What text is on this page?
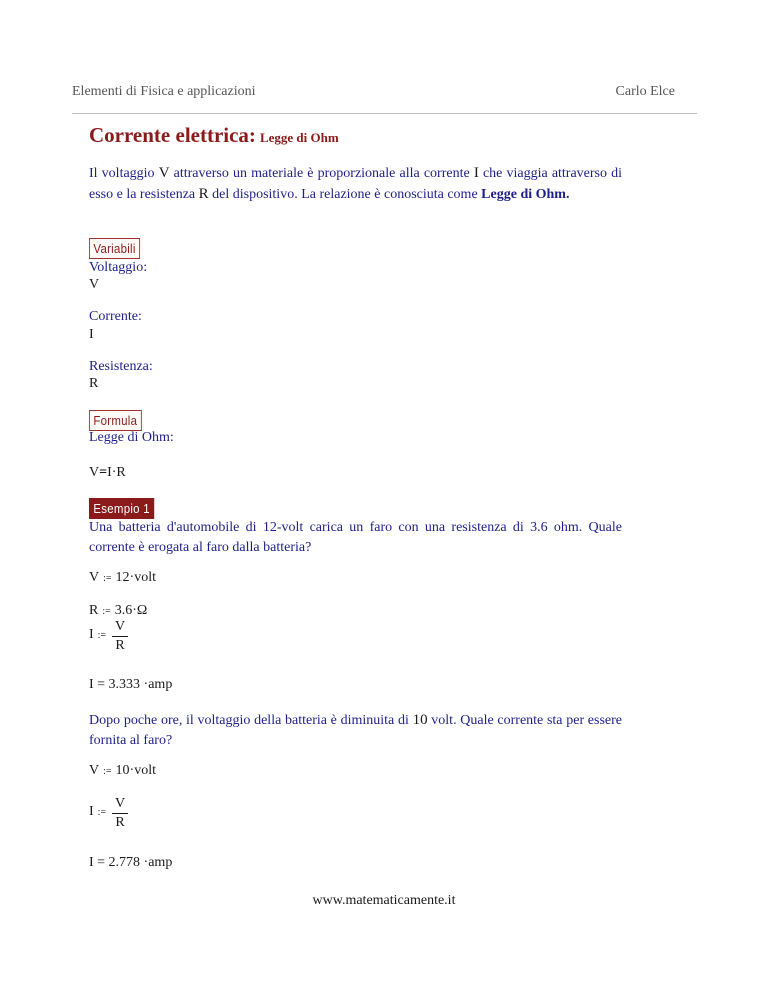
Elementi di Fisica e applicazioni	Carlo Elce
Corrente elettrica: Legge di Ohm
Il voltaggio V attraverso un materiale è proporzionale alla corrente I che viaggia attraverso di esso e la resistenza R del dispositivo. La relazione è conosciuta come Legge di Ohm.
Variabili
Voltaggio:
V
Corrente:
I
Resistenza:
R
Formula
Legge di Ohm:
V=I·R
Esempio 1
Una batteria d'automobile di 12-volt carica un faro con una resistenza di 3.6 ohm. Quale corrente è erogata al faro dalla batteria?
V := 12·volt
R := 3.6·Ω
I :=
V
R
I = 3.333 ·amp
Dopo poche ore, il voltaggio della batteria è diminuita di 10 volt. Quale corrente sta per essere fornita al faro?
V := 10·volt
I :=
V
R
I = 2.778 ·amp
www.matematicamente.it
